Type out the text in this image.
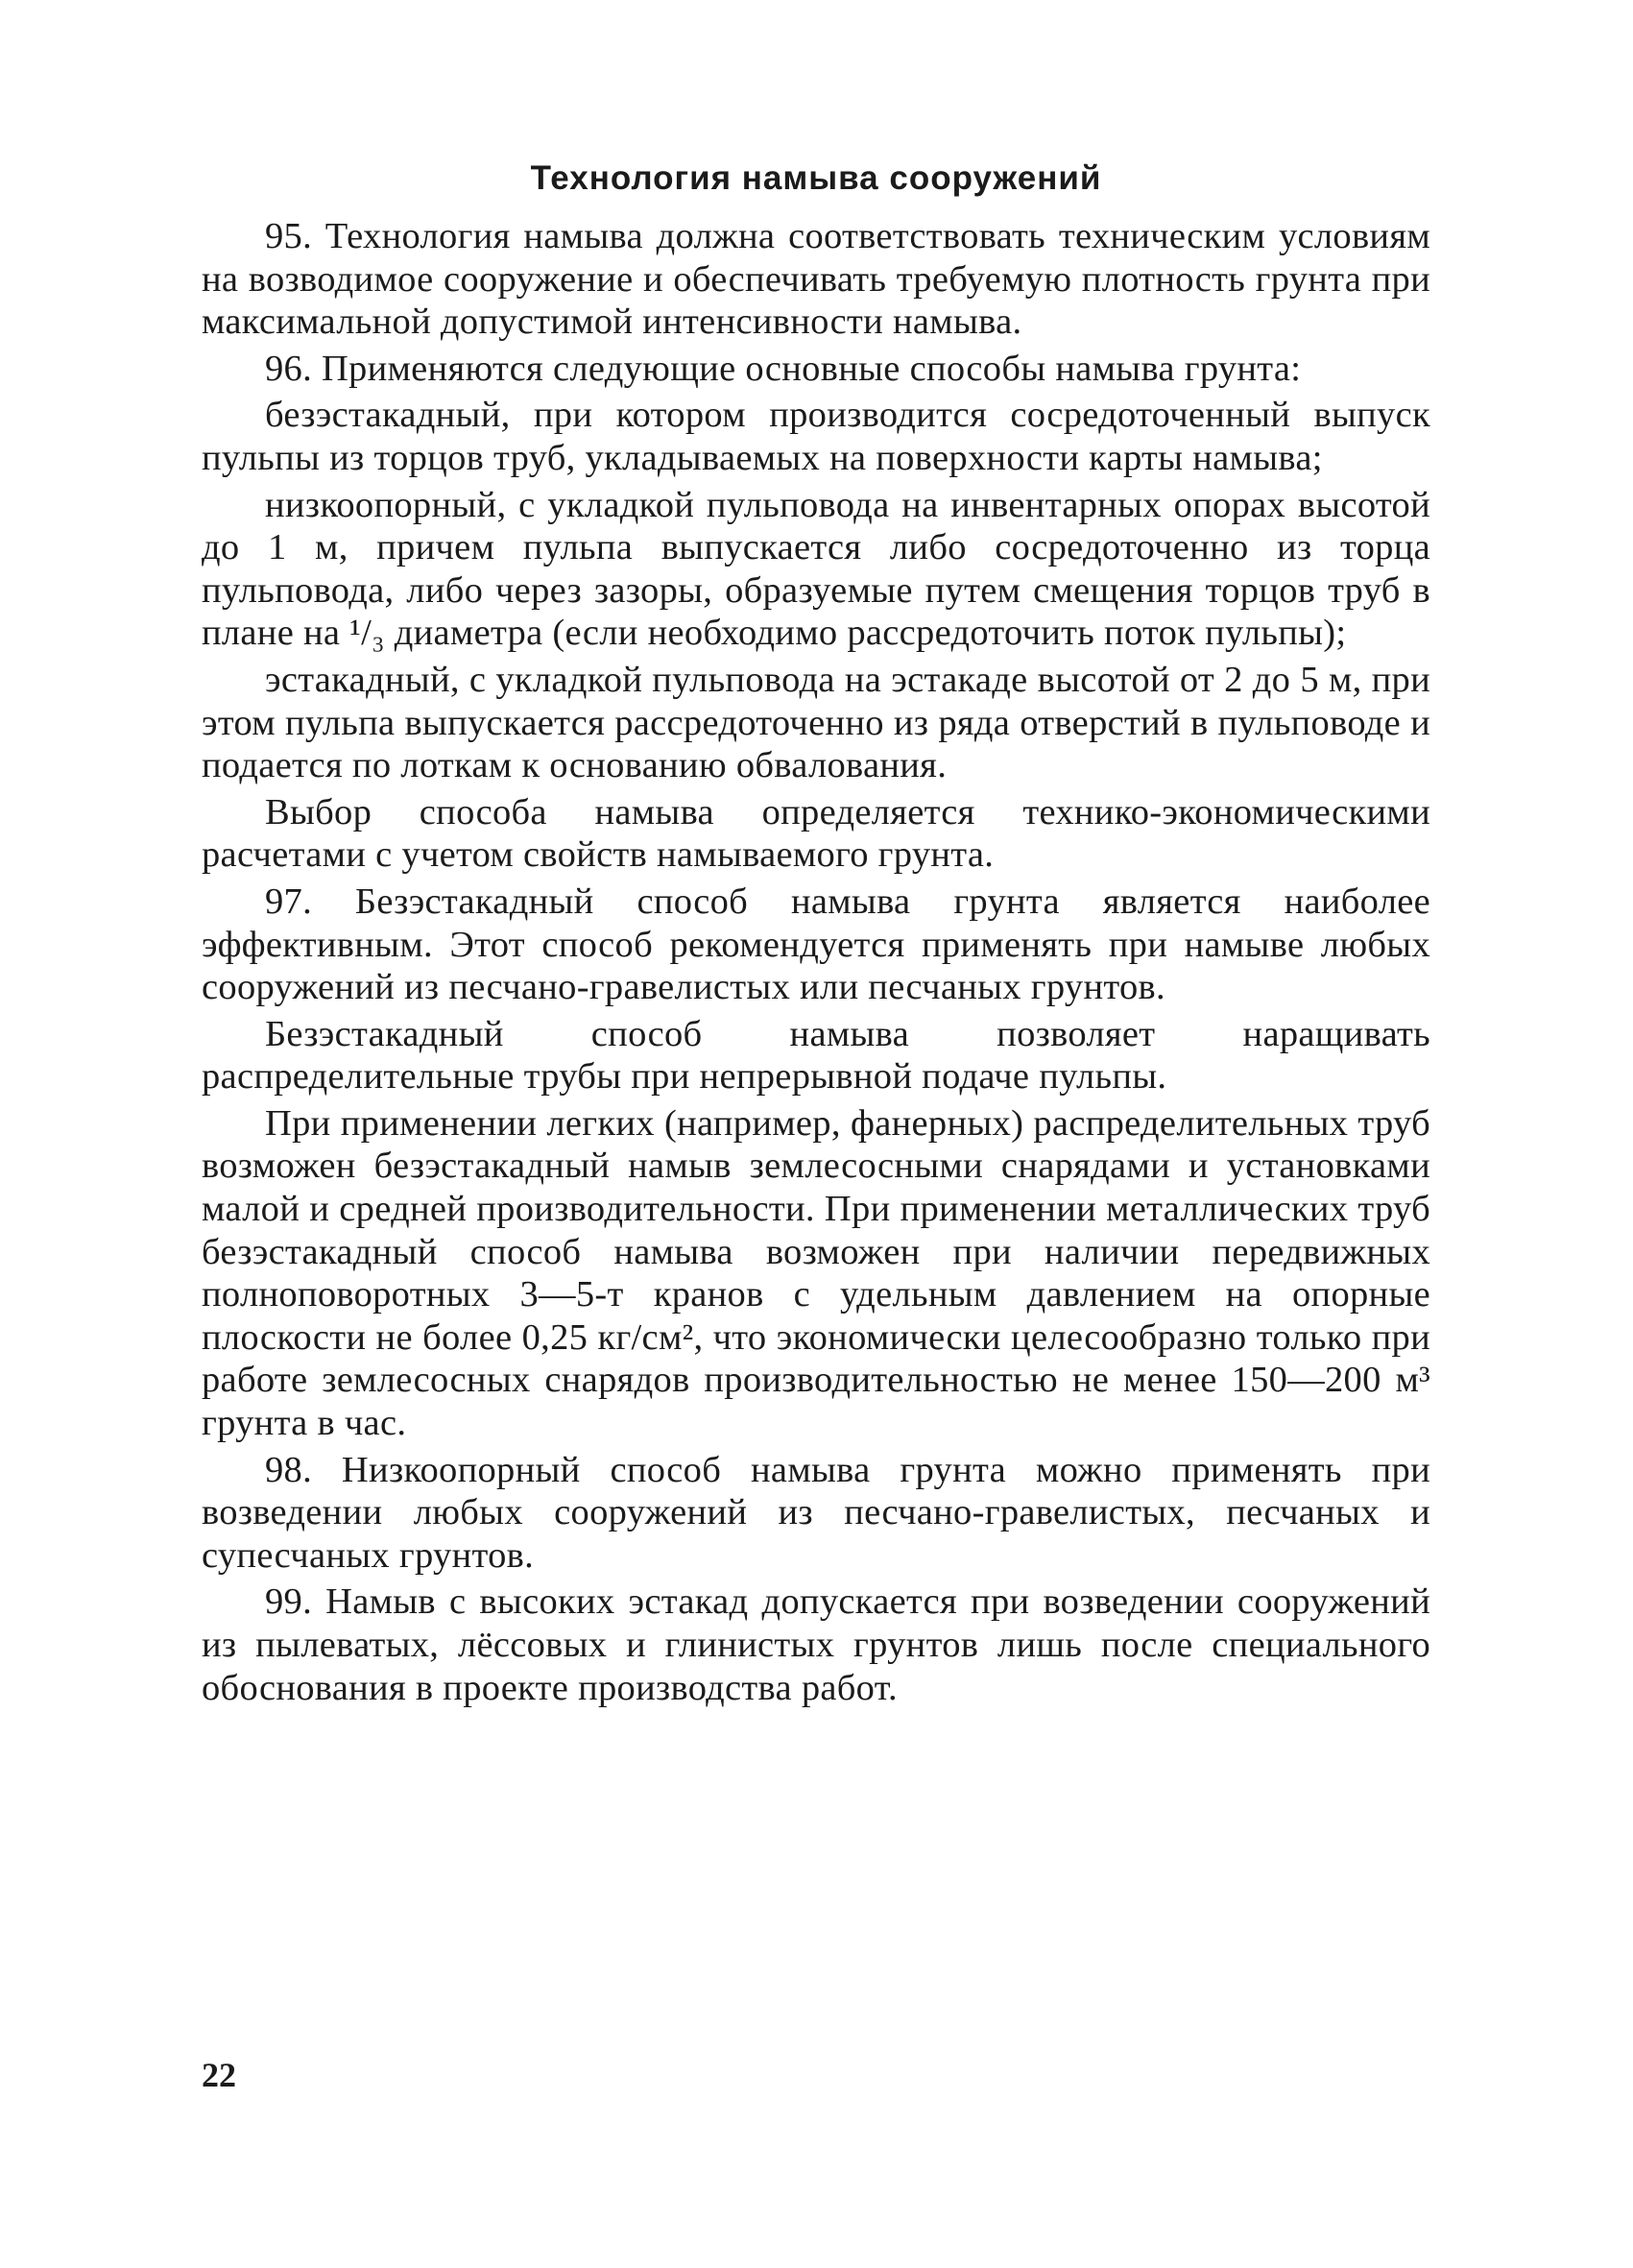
Технология намыва сооружений

95. Технология намыва должна соответствовать техническим условиям на возводимое сооружение и обеспечивать требуемую плотность грунта при максимальной допустимой интенсивности намыва.

96. Применяются следующие основные способы намыва грунта:

безэстакадный, при котором производится сосредоточенный выпуск пульпы из торцов труб, укладываемых на поверхности карты намыва;

низкоопорный, с укладкой пульповода на инвентарных опорах высотой до 1 м, причем пульпа выпускается либо сосредоточенно из торца пульповода, либо через зазоры, образуемые путем смещения торцов труб в плане на ¹/₃ диаметра (если необходимо рассредоточить поток пульпы);

эстакадный, с укладкой пульповода на эстакаде высотой от 2 до 5 м, при этом пульпа выпускается рассредоточенно из ряда отверстий в пульповоде и подается по лоткам к основанию обвалования.

Выбор способа намыва определяется технико-экономическими расчетами с учетом свойств намываемого грунта.

97. Безэстакадный способ намыва грунта является наиболее эффективным. Этот способ рекомендуется применять при намыве любых сооружений из песчано-гравелистых или песчаных грунтов.

Безэстакадный способ намыва позволяет наращивать распределительные трубы при непрерывной подаче пульпы.

При применении легких (например, фанерных) распределительных труб возможен безэстакадный намыв землесосными снарядами и установками малой и средней производительности. При применении металлических труб безэстакадный способ намыва возможен при наличии передвижных полноповоротных 3—5-т кранов с удельным давлением на опорные плоскости не более 0,25 кг/см², что экономически целесообразно только при работе землесосных снарядов производительностью не менее 150—200 м³ грунта в час.

98. Низкоопорный способ намыва грунта можно применять при возведении любых сооружений из песчано-гравелистых, песчаных и супесчаных грунтов.

99. Намыв с высоких эстакад допускается при возведении сооружений из пылеватых, лёссовых и глинистых грунтов лишь после специального обоснования в проекте производства работ.

22
